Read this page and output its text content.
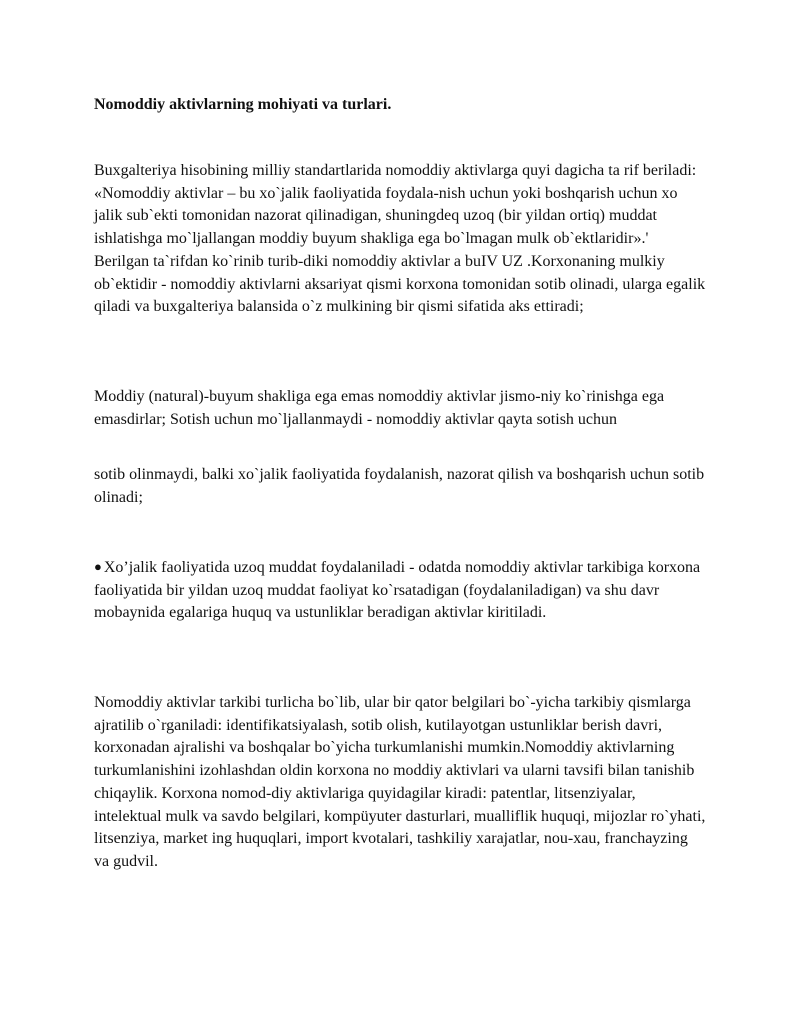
Nomoddiy aktivlarning mohiyati va turlari.

Buxgalteriya hisobining milliy standartlarida nomoddiy aktivlarga quyi dagicha ta rif beriladi: «Nomoddiy aktivlar – bu xo`jalik faoliyatida foydala-nish uchun yoki boshqarish uchun xo jalik sub`ekti tomonidan nazorat qilinadigan, shuningdeq uzoq (bir yildan ortiq) muddat ishlatishga mo`ljallangan moddiy buyum shakliga ega bo`lmagan mulk ob`ektlaridir».' Berilgan ta`rifdan ko`rinib turib-diki nomoddiy aktivlar a buIV UZ .Korxonaning mulkiy ob`ektidir - nomoddiy aktivlarni aksariyat qismi korxona tomonidan sotib olinadi, ularga egalik qiladi va buxgalteriya balansida o`z mulkining bir qismi sifatida aks ettiradi;

Moddiy (natural)-buyum shakliga ega emas nomoddiy aktivlar jismo-niy ko`rinishga ega emasdirlar; Sotish uchun mo`ljallanmaydi - nomoddiy aktivlar qayta sotish uchun

sotib olinmaydi, balki xo`jalik faoliyatida foydalanish, nazorat qilish va boshqarish uchun sotib olinadi;

● Xo’jalik faoliyatida uzoq muddat foydalaniladi - odatda nomoddiy aktivlar tarkibiga korxona faoliyatida bir yildan uzoq muddat faoliyat ko`rsatadigan (foydalaniladigan) va shu davr mobaynida egalariga huquq va ustunliklar beradigan aktivlar kiritiladi.

Nomoddiy aktivlar tarkibi turlicha bo`lib, ular bir qator belgilari bo`-yicha tarkibiy qismlarga ajratilib o`rganiladi: identifikatsiyalash, sotib olish, kutilayotgan ustunliklar berish davri, korxonadan ajralishi va boshqalar bo`yicha turkumlanishi mumkin.Nomoddiy aktivlarning turkumlanishini izohlashdan oldin korxona no moddiy aktivlari va ularni tavsifi bilan tanishib chiqaylik. Korxona nomod-diy aktivlariga quyidagilar kiradi: patentlar, litsenziyalar, intelektual mulk va savdo belgilari, kompüyuter dasturlari, mualliflik huquqi, mijozlar ro`yhati, litsenziya, market ing huquqlari, import kvotalari, tashkiliy xarajatlar, nou-xau, franchayzing va gudvil.
